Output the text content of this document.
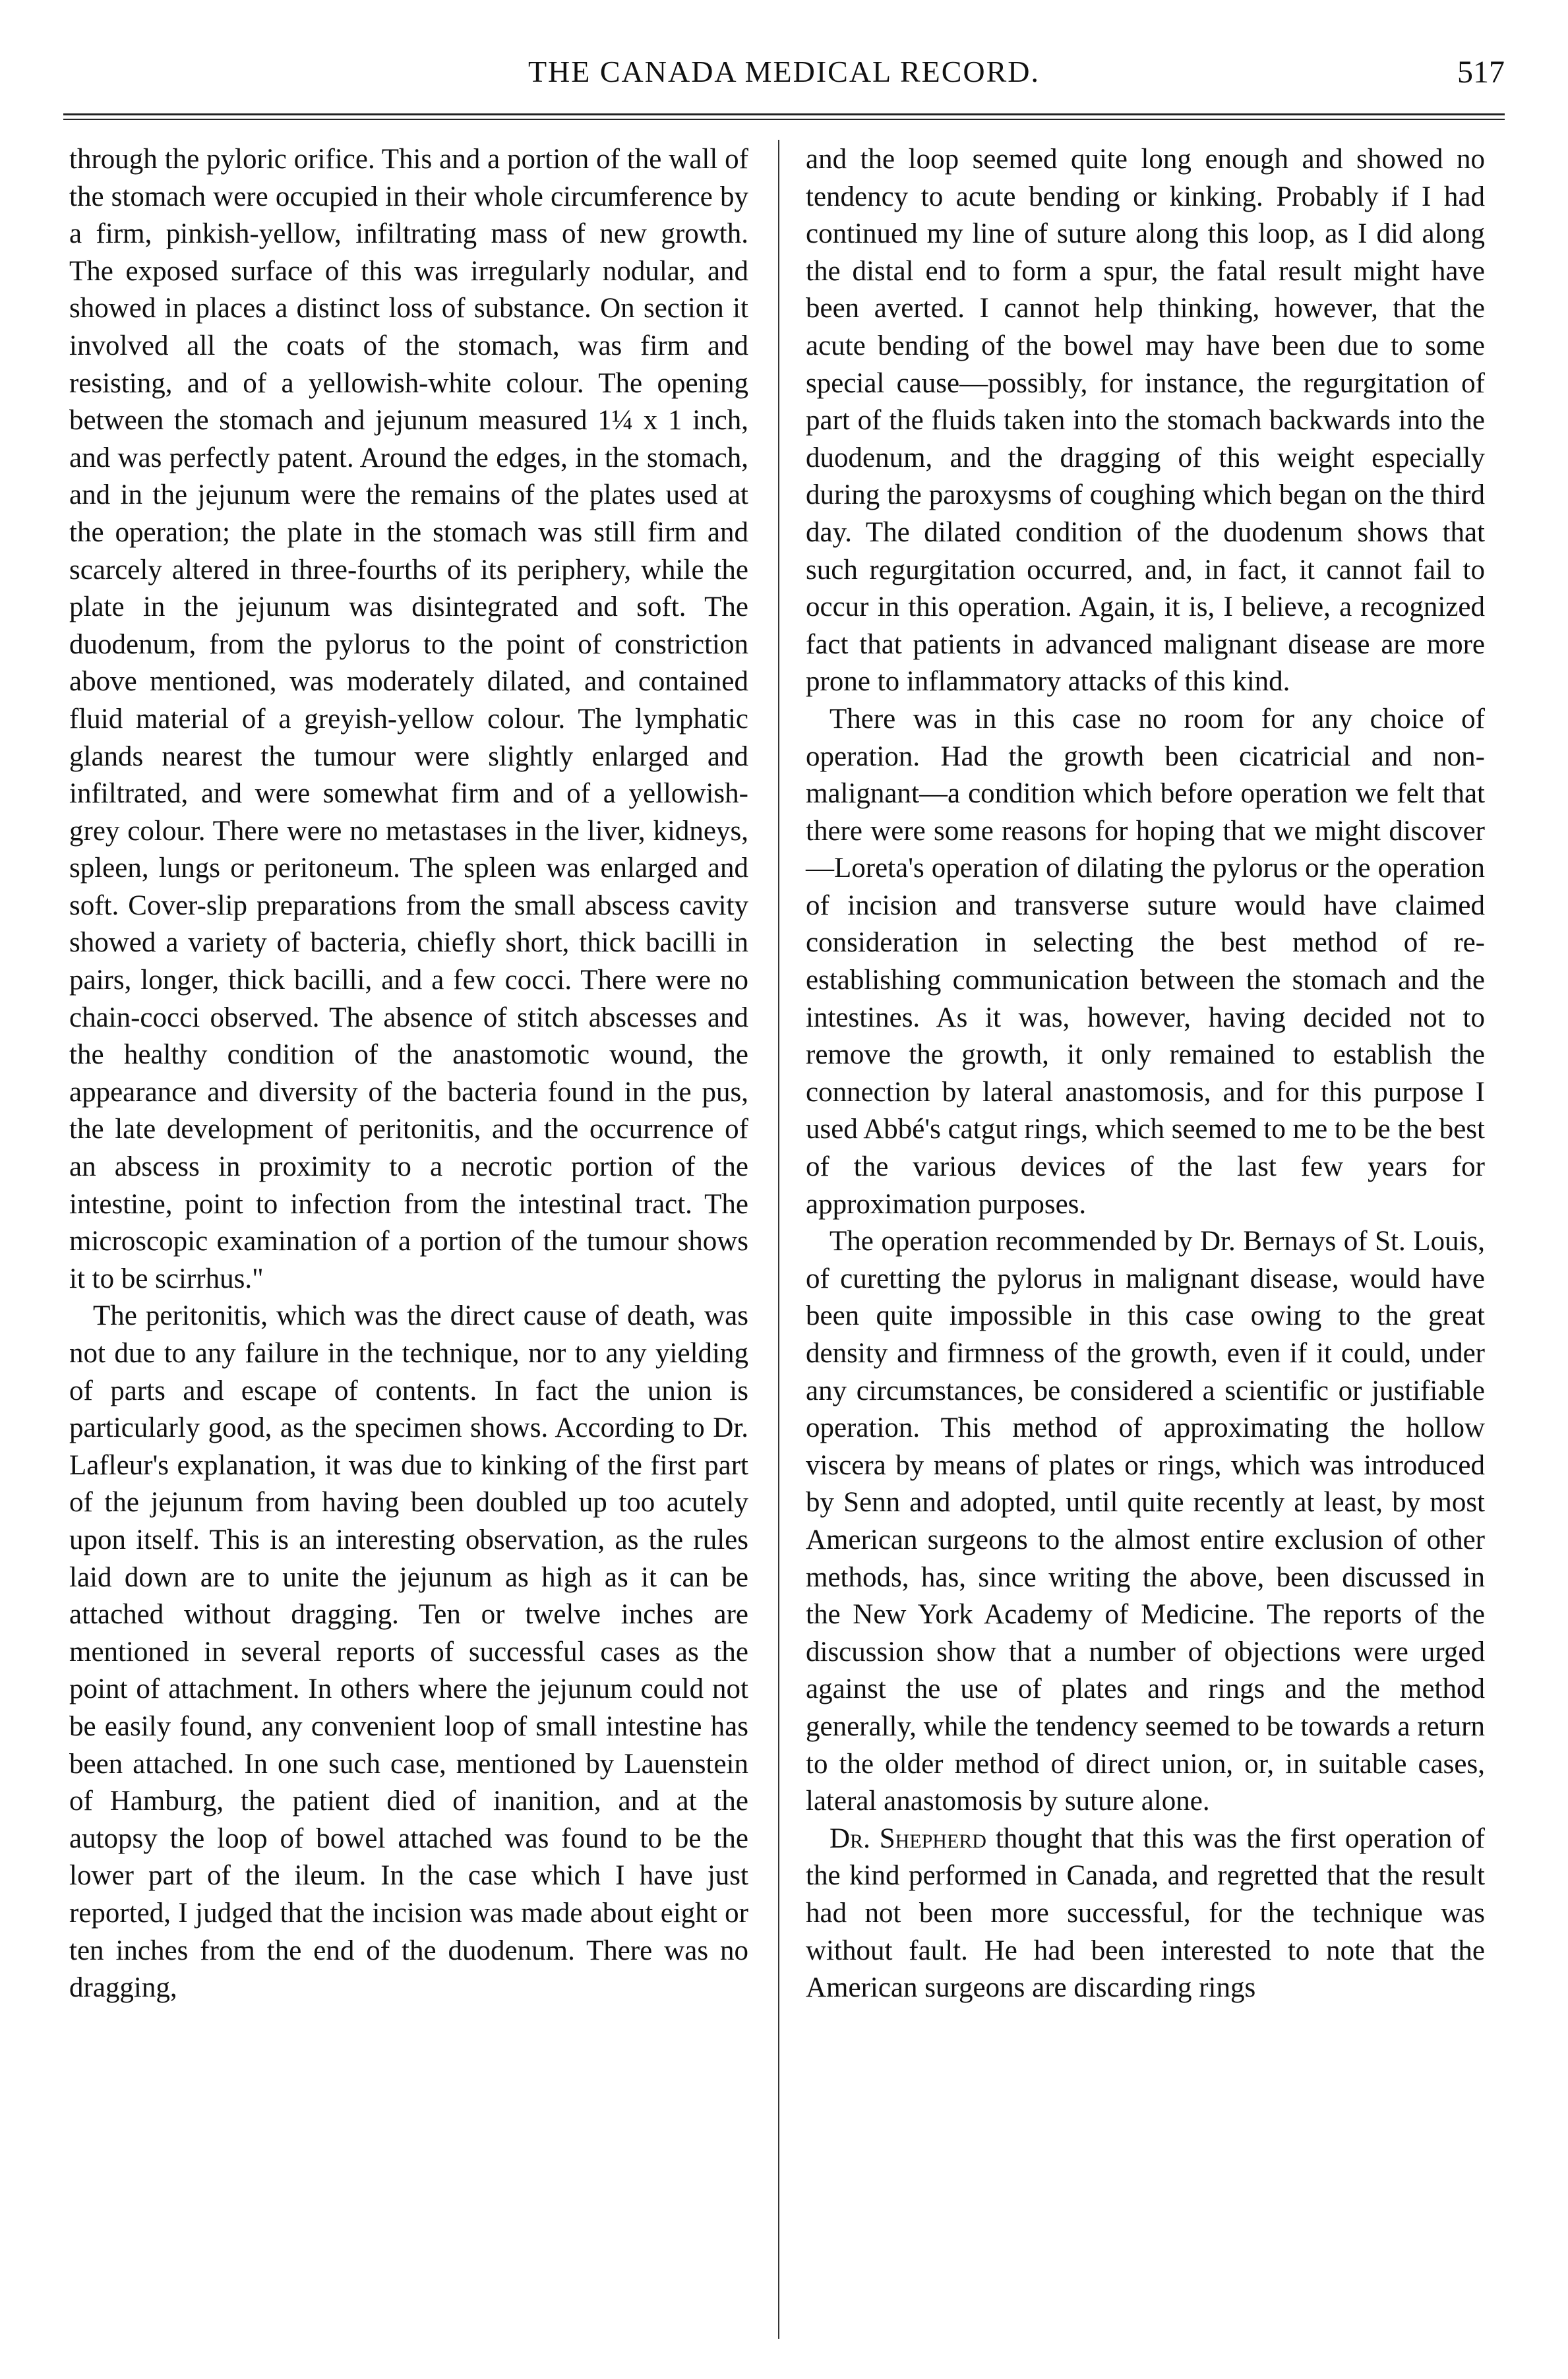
THE CANADA MEDICAL RECORD.	517

through the pyloric orifice. This and a portion of the wall of the stomach were occupied in their whole circumference by a firm, pinkish-yellow, infiltrating mass of new growth. The exposed surface of this was irregularly nodular, and showed in places a distinct loss of substance. On section it involved all the coats of the stomach, was firm and resisting, and of a yellowish-white colour. The opening between the stomach and jejunum measured 1¼ x 1 inch, and was perfectly patent. Around the edges, in the stomach, and in the jejunum were the remains of the plates used at the operation; the plate in the stomach was still firm and scarcely altered in three-fourths of its periphery, while the plate in the jejunum was disintegrated and soft. The duodenum, from the pylorus to the point of constriction above mentioned, was moderately dilated, and contained fluid material of a greyish-yellow colour. The lymphatic glands nearest the tumour were slightly enlarged and infiltrated, and were somewhat firm and of a yellowish-grey colour. There were no metastases in the liver, kidneys, spleen, lungs or peritoneum. The spleen was enlarged and soft. Cover-slip preparations from the small abscess cavity showed a variety of bacteria, chiefly short, thick bacilli in pairs, longer, thick bacilli, and a few cocci. There were no chain-cocci observed. The absence of stitch abscesses and the healthy condition of the anastomotic wound, the appearance and diversity of the bacteria found in the pus, the late development of peritonitis, and the occurrence of an abscess in proximity to a necrotic portion of the intestine, point to infection from the intestinal tract. The microscopic examination of a portion of the tumour shows it to be scirrhus."

The peritonitis, which was the direct cause of death, was not due to any failure in the technique, nor to any yielding of parts and escape of contents. In fact the union is particularly good, as the specimen shows. According to Dr. Lafleur's explanation, it was due to kinking of the first part of the jejunum from having been doubled up too acutely upon itself. This is an interesting observation, as the rules laid down are to unite the jejunum as high as it can be attached without dragging. Ten or twelve inches are mentioned in several reports of successful cases as the point of attachment. In others where the jejunum could not be easily found, any convenient loop of small intestine has been attached. In one such case, mentioned by Lauenstein of Hamburg, the patient died of inanition, and at the autopsy the loop of bowel attached was found to be the lower part of the ileum. In the case which I have just reported, I judged that the incision was made about eight or ten inches from the end of the duodenum. There was no dragging,

and the loop seemed quite long enough and showed no tendency to acute bending or kinking. Probably if I had continued my line of suture along this loop, as I did along the distal end to form a spur, the fatal result might have been averted. I cannot help thinking, however, that the acute bending of the bowel may have been due to some special cause—possibly, for instance, the regurgitation of part of the fluids taken into the stomach backwards into the duodenum, and the dragging of this weight especially during the paroxysms of coughing which began on the third day. The dilated condition of the duodenum shows that such regurgitation occurred, and, in fact, it cannot fail to occur in this operation. Again, it is, I believe, a recognized fact that patients in advanced malignant disease are more prone to inflammatory attacks of this kind.

There was in this case no room for any choice of operation. Had the growth been cicatricial and non-malignant—a condition which before operation we felt that there were some reasons for hoping that we might discover—Loreta's operation of dilating the pylorus or the operation of incision and transverse suture would have claimed consideration in selecting the best method of re-establishing communication between the stomach and the intestines. As it was, however, having decided not to remove the growth, it only remained to establish the connection by lateral anastomosis, and for this purpose I used Abbé's catgut rings, which seemed to me to be the best of the various devices of the last few years for approximation purposes.

The operation recommended by Dr. Bernays of St. Louis, of curetting the pylorus in malignant disease, would have been quite impossible in this case owing to the great density and firmness of the growth, even if it could, under any circumstances, be considered a scientific or justifiable operation. This method of approximating the hollow viscera by means of plates or rings, which was introduced by Senn and adopted, until quite recently at least, by most American surgeons to the almost entire exclusion of other methods, has, since writing the above, been discussed in the New York Academy of Medicine. The reports of the discussion show that a number of objections were urged against the use of plates and rings and the method generally, while the tendency seemed to be towards a return to the older method of direct union, or, in suitable cases, lateral anastomosis by suture alone.

Dr. Shepherd thought that this was the first operation of the kind performed in Canada, and regretted that the result had not been more successful, for the technique was without fault. He had been interested to note that the American surgeons are discarding rings
